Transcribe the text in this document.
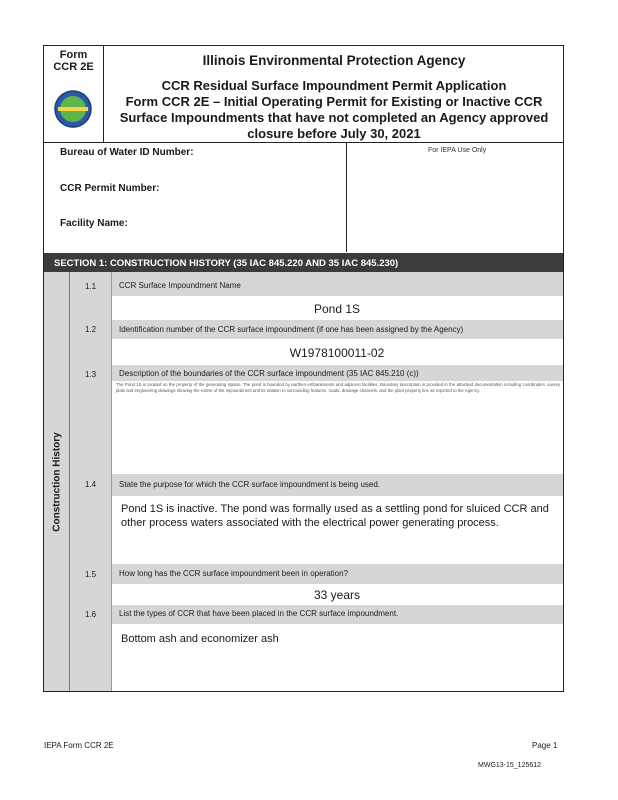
Form
CCR 2E	Illinois Environmental Protection Agency
CCR Residual Surface Impoundment Permit Application
Form CCR 2E – Initial Operating Permit for Existing or Inactive CCR
Surface Impoundments that have not completed an Agency approved
closure before July 30, 2021
Bureau of Water ID Number:
CCR Permit Number:
Facility Name:
For IEPA Use Only
SECTION 1: CONSTRUCTION HISTORY (35 IAC 845.220 AND 35 IAC 845.230)
Construction History
1.1	CCR Surface Impoundment Name
Pond 1S
1.2	Identification number of the CCR surface impoundment (if one has been assigned by the Agency)
W1978100011-02
1.3	Description of the boundaries of the CCR surface impoundment (35 IAC 845.210 (c))
The Pond 1S is located on the property of the generating station. The pond is bounded by earthen embankments and adjacent facilities. Boundary description is provided in the attached documentation including coordinates, survey plats and engineering drawings showing the extent of the impoundment and its relation to surrounding features, roads, drainage channels, and the plant property line as reported to the Agency.
1.4	State the purpose for which the CCR surface impoundment is being used.
Pond 1S is inactive. The pond was formally used as a settling pond for sluiced CCR and other process waters associated with the electrical power generating process.
1.5	How long has the CCR surface impoundment been in operation?
33 years
1.6	List the types of CCR that have been placed in the CCR surface impoundment.
Bottom ash and economizer ash
IEPA Form CCR 2E	Page 1
MWG13-15_125612
